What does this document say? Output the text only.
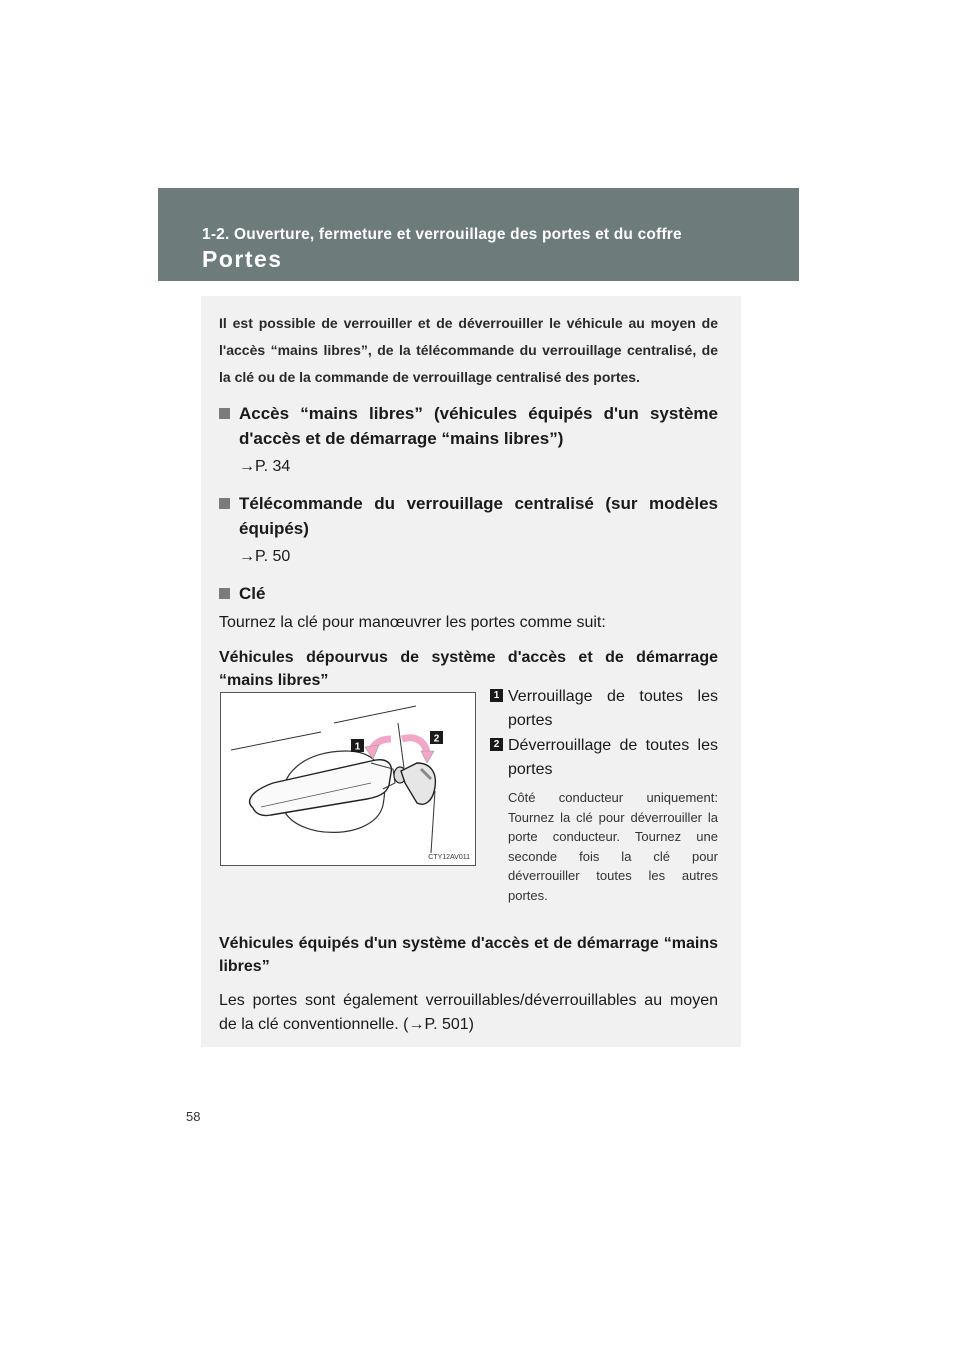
1-2. Ouverture, fermeture et verrouillage des portes et du coffre
Portes

Il est possible de verrouiller et de déverrouiller le véhicule au moyen de l'accès “mains libres”, de la télécommande du verrouillage centralisé, de la clé ou de la commande de verrouillage centralisé des portes.

Accès “mains libres” (véhicules équipés d'un système d'accès et de démarrage “mains libres”)

→P. 34

Télécommande du verrouillage centralisé (sur modèles équipés)

→P. 50

Clé

Tournez la clé pour manœuvrer les portes comme suit:

Véhicules dépourvus de système d'accès et de démarrage “mains libres”

1
2
CTY12AV011
1 Verrouillage de toutes les portes
2 Déverrouillage de toutes les portes
Côté conducteur uniquement: Tournez la clé pour déverrouiller la porte conducteur. Tournez une seconde fois la clé pour déverrouiller toutes les autres portes.

Véhicules équipés d'un système d'accès et de démarrage “mains libres”

Les portes sont également verrouillables/déverrouillables au moyen de la clé conventionnelle. (→P. 501)

58
